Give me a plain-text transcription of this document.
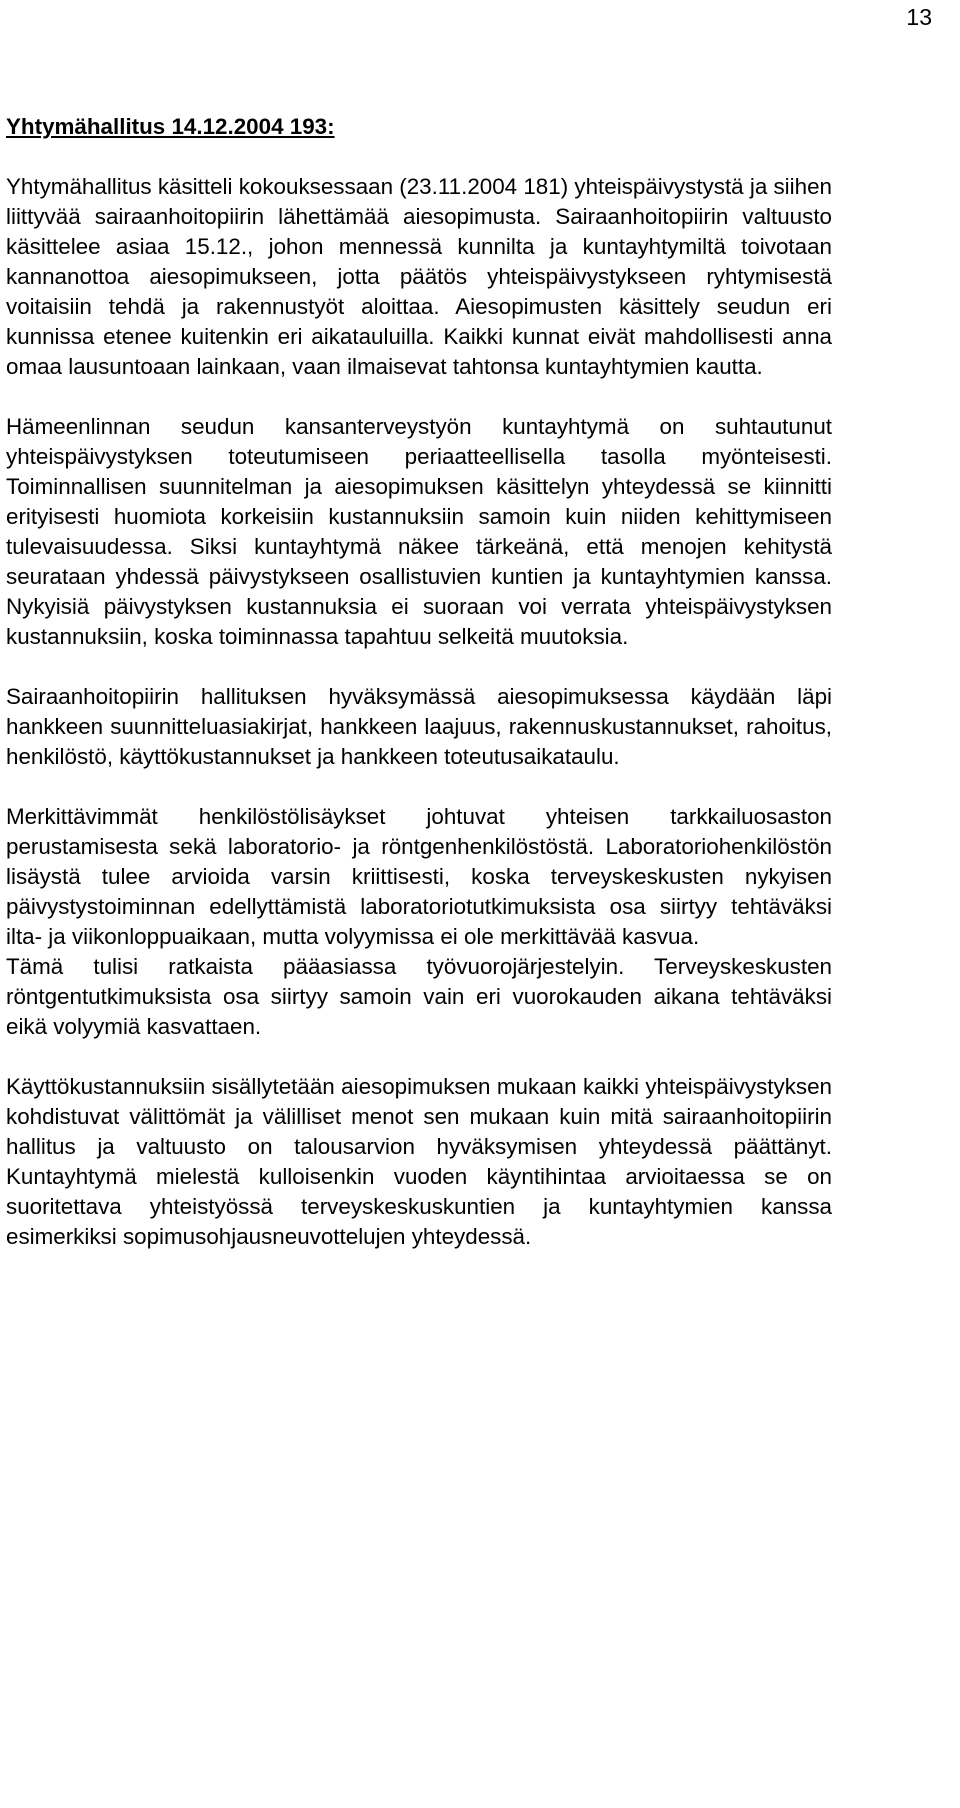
13
Yhtymähallitus 14.12.2004 193:

Yhtymähallitus käsitteli kokouksessaan (23.11.2004 181) yhteispäivystystä ja siihen liittyvää sairaanhoitopiirin lähettämää aiesopimusta. Sairaanhoitopiirin valtuusto käsittelee asiaa 15.12., johon mennessä kunnilta ja kuntayhtymiltä toivotaan kannanottoa aiesopimukseen, jotta päätös yhteispäivystykseen ryhtymisestä voitaisiin tehdä ja rakennustyöt aloittaa. Aiesopimusten käsittely seudun eri kunnissa etenee kuitenkin eri aikatauluilla. Kaikki kunnat eivät mahdollisesti anna omaa lausuntoaan lainkaan, vaan ilmaisevat tahtonsa kuntayhtymien kautta.

Hämeenlinnan seudun kansanterveystyön kuntayhtymä on suhtautunut yhteispäivystyksen toteutumiseen periaatteellisella tasolla myönteisesti. Toiminnallisen suunnitelman ja aiesopimuksen käsittelyn yhteydessä se kiinnitti erityisesti huomiota korkeisiin kustannuksiin samoin kuin niiden kehittymiseen tulevaisuudessa. Siksi kuntayhtymä näkee tärkeänä, että menojen kehitystä seurataan yhdessä päivystykseen osallistuvien kuntien ja kuntayhtymien kanssa. Nykyisiä päivystyksen kustannuksia ei suoraan voi verrata yhteispäivystyksen kustannuksiin, koska toiminnassa tapahtuu selkeitä muutoksia.

Sairaanhoitopiirin hallituksen hyväksymässä aiesopimuksessa käydään läpi hankkeen suunnitteluasiakirjat, hankkeen laajuus, rakennuskustannukset, rahoitus, henkilöstö, käyttökustannukset ja hankkeen toteutusaikataulu.

Merkittävimmät henkilöstölisäykset johtuvat yhteisen tarkkailuosaston perustamisesta sekä laboratorio- ja röntgenhenkilöstöstä. Laboratoriohenkilöstön lisäystä tulee arvioida varsin kriittisesti, koska terveyskeskusten nykyisen päivystystoiminnan edellyttämistä laboratoriotutkimuksista osa siirtyy tehtäväksi ilta- ja viikonloppuaikaan, mutta volyymissa ei ole merkittävää kasvua.

Tämä tulisi ratkaista pääasiassa työvuorojärjestelyin. Terveyskeskusten röntgentutkimuksista osa siirtyy samoin vain eri vuorokauden aikana tehtäväksi eikä volyymiä kasvattaen.

Käyttökustannuksiin sisällytetään aiesopimuksen mukaan kaikki yhteispäivystyksen kohdistuvat välittömät ja välilliset menot sen mukaan kuin mitä sairaanhoitopiirin hallitus ja valtuusto on talousarvion hyväksymisen yhteydessä päättänyt. Kuntayhtymä mielestä kulloisenkin vuoden käyntihintaa arvioitaessa se on suoritettava yhteistyössä terveyskeskuskuntien ja kuntayhtymien kanssa esimerkiksi sopimusohjausneuvottelujen yhteydessä.
